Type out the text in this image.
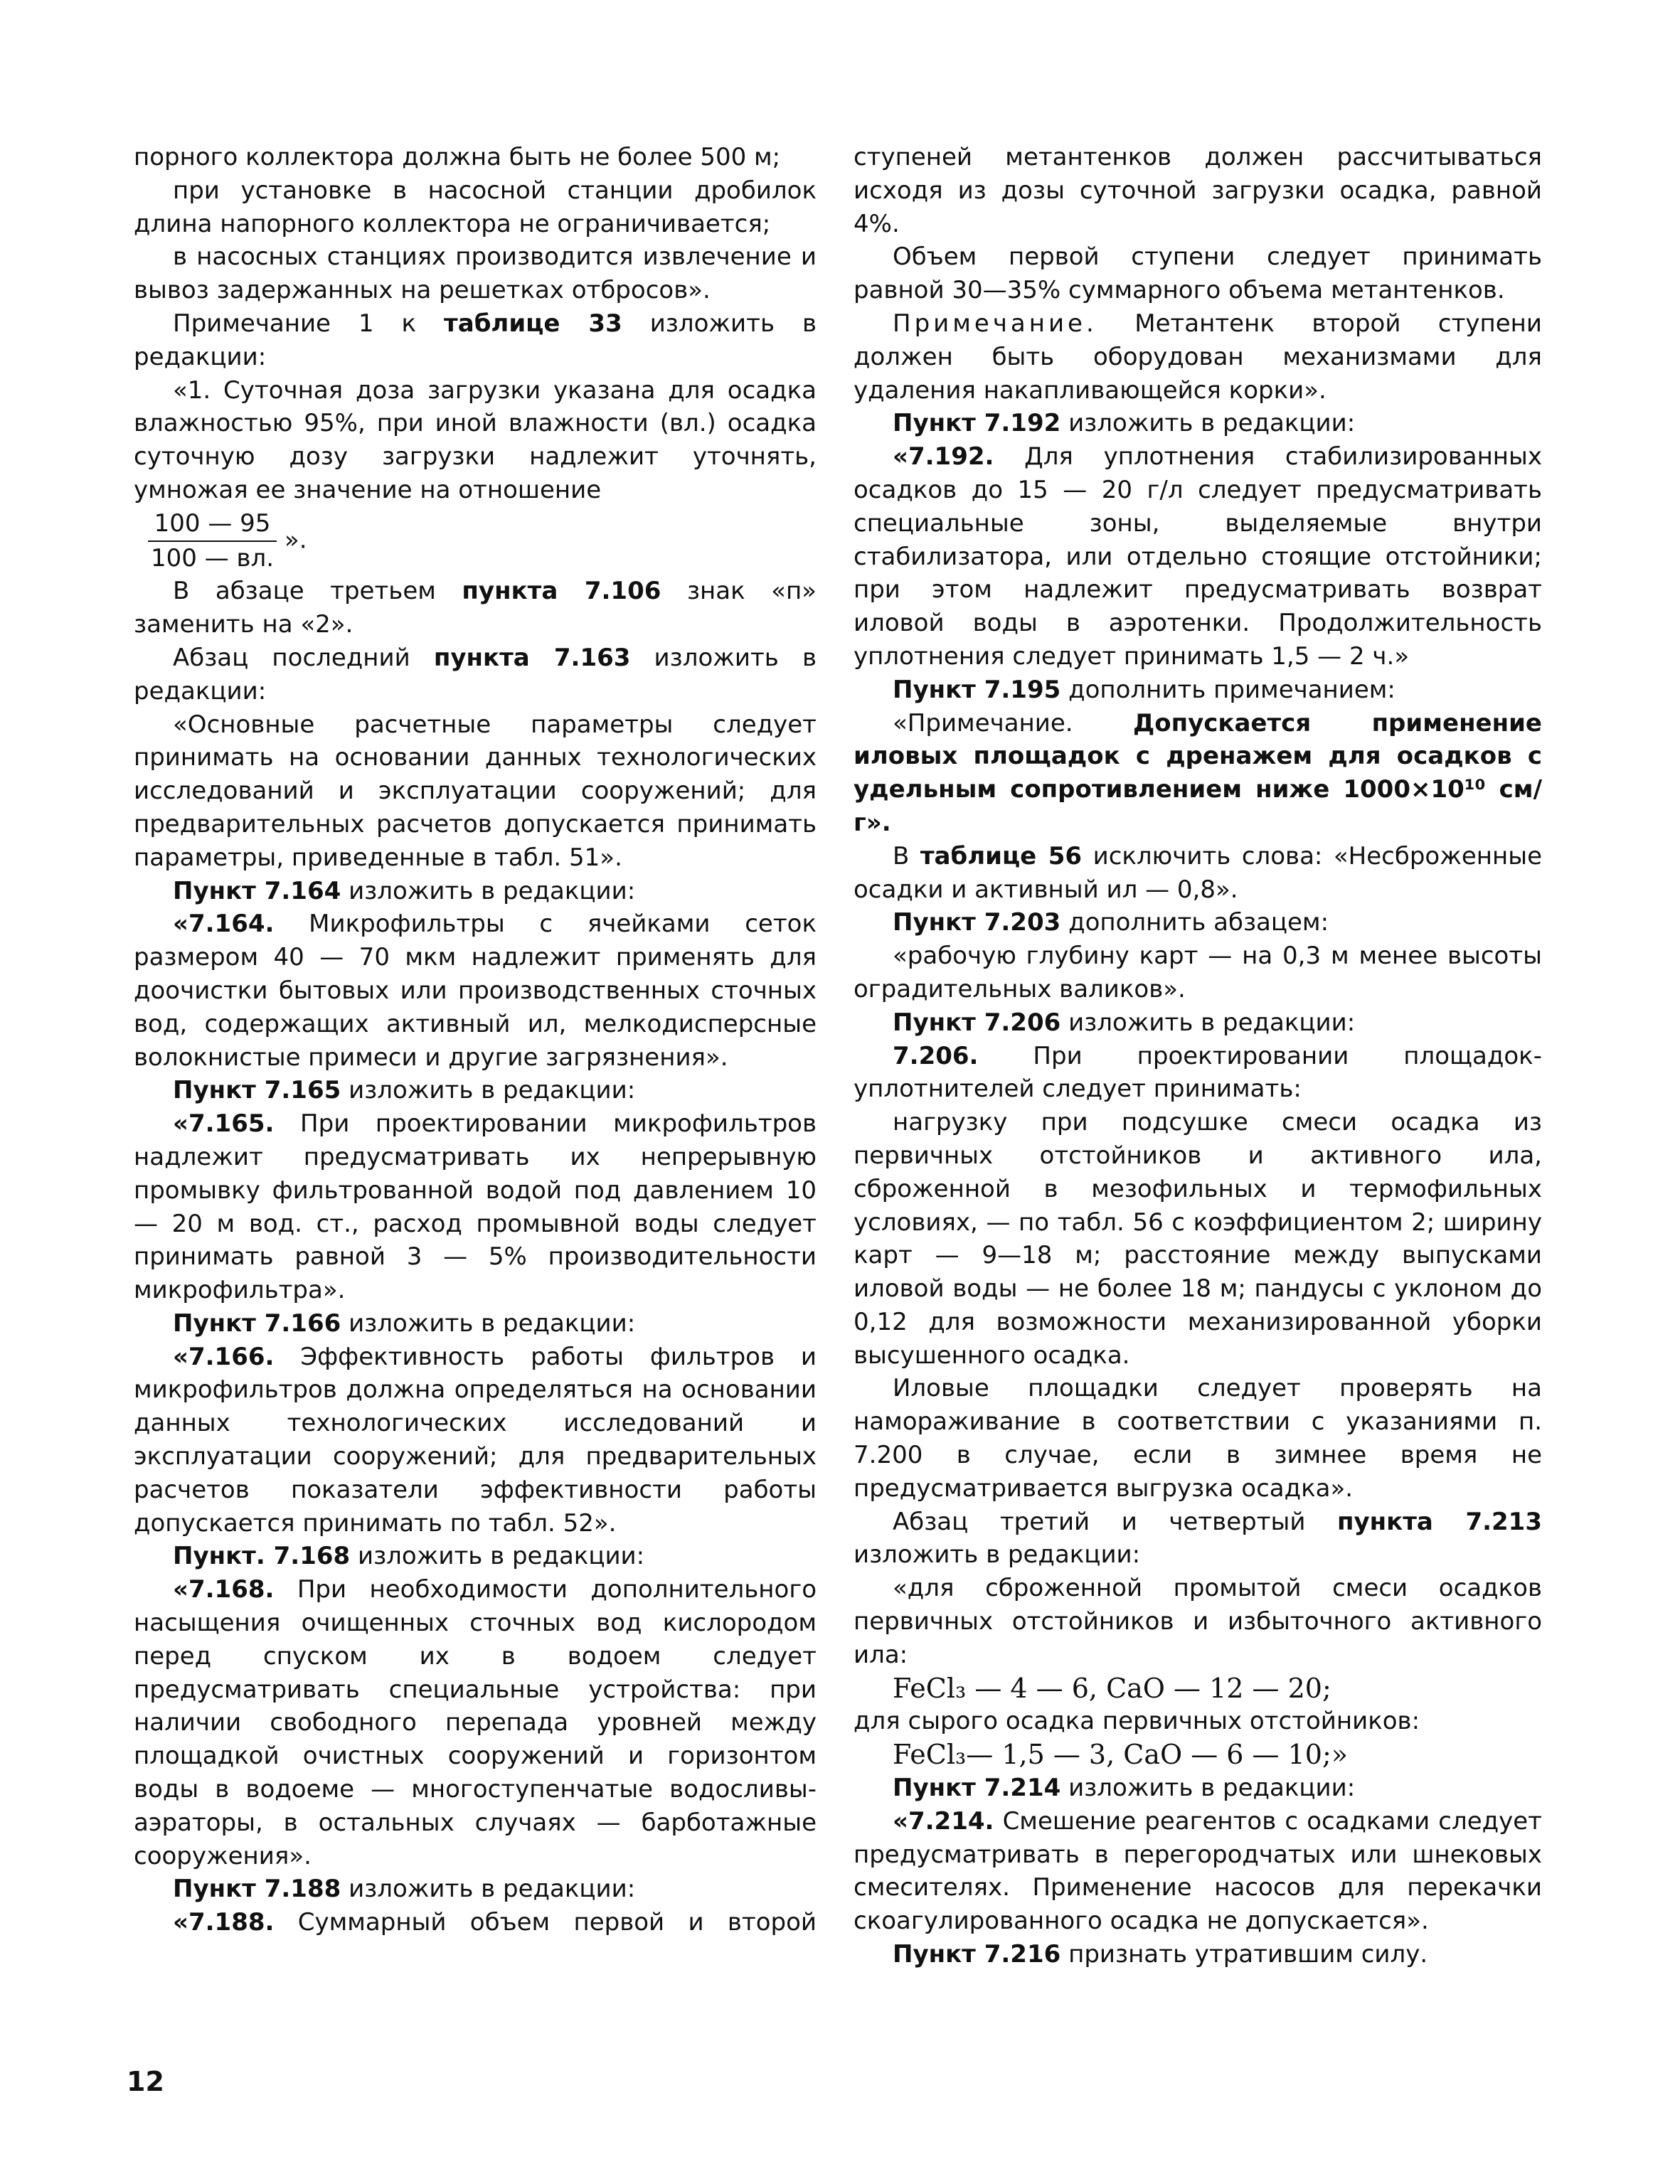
порного коллектора должна быть не более 500 м;

при установке в насосной станции дробилок длина напорного коллектора не ограничивается;

в насосных станциях производится извлечение и вывоз задержанных на решетках отбросов».

Примечание 1 к таблице 33 изложить в редакции:

«1. Суточная доза загрузки указана для осадка влажностью 95%, при иной влажности (вл.) осадка суточную дозу загрузки надлежит уточнять, умножая ее значение на отношение

$\frac{100 — 95}{100 — вл.}$ ».

В абзаце третьем пункта 7.106 знак «п» заменить на «2».

Абзац последний пункта 7.163 изложить в редакции:

«Основные расчетные параметры следует принимать на основании данных технологических исследований и эксплуатации сооружений; для предварительных расчетов допускается принимать параметры, приведенные в табл. 51».

Пункт 7.164 изложить в редакции:

«7.164. Микрофильтры с ячейками сеток размером 40 — 70 мкм надлежит применять для доочистки бытовых или производственных сточных вод, содержащих активный ил, мелкодисперсные волокнистые примеси и другие загрязнения».

Пункт 7.165 изложить в редакции:

«7.165. При проектировании микрофильтров надлежит предусматривать их непрерывную промывку фильтрованной водой под давлением 10 — 20 м вод. ст., расход промывной воды следует принимать равной 3 — 5% производительности микрофильтра».

Пункт 7.166 изложить в редакции:

«7.166. Эффективность работы фильтров и микрофильтров должна определяться на основании данных технологических исследований и эксплуатации сооружений; для предварительных расчетов показатели эффективности работы допускается принимать по табл. 52».

Пункт. 7.168 изложить в редакции:

«7.168. При необходимости дополнительного насыщения очищенных сточных вод кислородом перед спуском их в водоем следует предусматривать специальные устройства: при наличии свободного перепада уровней между площадкой очистных сооружений и горизонтом воды в водоеме — многоступенчатые водосливы-аэраторы, в остальных случаях — барботажные сооружения».

Пункт 7.188 изложить в редакции:

«7.188. Суммарный объем первой и второй

ступеней метантенков должен рассчитываться исходя из дозы суточной загрузки осадка, равной 4%.

Объем первой ступени следует принимать равной 30—35% суммарного объема метантенков.

Примечание. Метантенк второй ступени должен быть оборудован механизмами для удаления накапливающейся корки».

Пункт 7.192 изложить в редакции:

«7.192. Для уплотнения стабилизированных осадков до 15 — 20 г/л следует предусматривать специальные зоны, выделяемые внутри стабилизатора, или отдельно стоящие отстойники; при этом надлежит предусматривать возврат иловой воды в аэротенки. Продолжительность уплотнения следует принимать 1,5 — 2 ч.»

Пункт 7.195 дополнить примечанием:

«Примечание. Допускается применение иловых площадок с дренажем для осадков с удельным сопротивлением ниже 1000×10¹⁰ см/г».

В таблице 56 исключить слова: «Несброженные осадки и активный ил — 0,8».

Пункт 7.203 дополнить абзацем:

«рабочую глубину карт — на 0,3 м менее высоты оградительных валиков».

Пункт 7.206 изложить в редакции:

7.206. При проектировании площадок-уплотнителей следует принимать:

нагрузку при подсушке смеси осадка из первичных отстойников и активного ила, сброженной в мезофильных и термофильных условиях, — по табл. 56 с коэффициентом 2; ширину карт — 9—18 м; расстояние между выпусками иловой воды — не более 18 м; пандусы с уклоном до 0,12 для возможности механизированной уборки высушенного осадка.

Иловые площадки следует проверять на намораживание в соответствии с указаниями п. 7.200 в случае, если в зимнее время не предусматривается выгрузка осадка».

Абзац третий и четвертый пункта 7.213 изложить в редакции:

«для сброженной промытой смеси осадков первичных отстойников и избыточного активного ила:

FeCl₃ — 4 — 6, CaO — 12 — 20;

для сырого осадка первичных отстойников:

FeCl₃— 1,5 — 3, CaO — 6 — 10;»

Пункт 7.214 изложить в редакции:

«7.214. Смешение реагентов с осадками следует предусматривать в перегородчатых или шнековых смесителях. Применение насосов для перекачки скоагулированного осадка не допускается».

Пункт 7.216 признать утратившим силу.

12
